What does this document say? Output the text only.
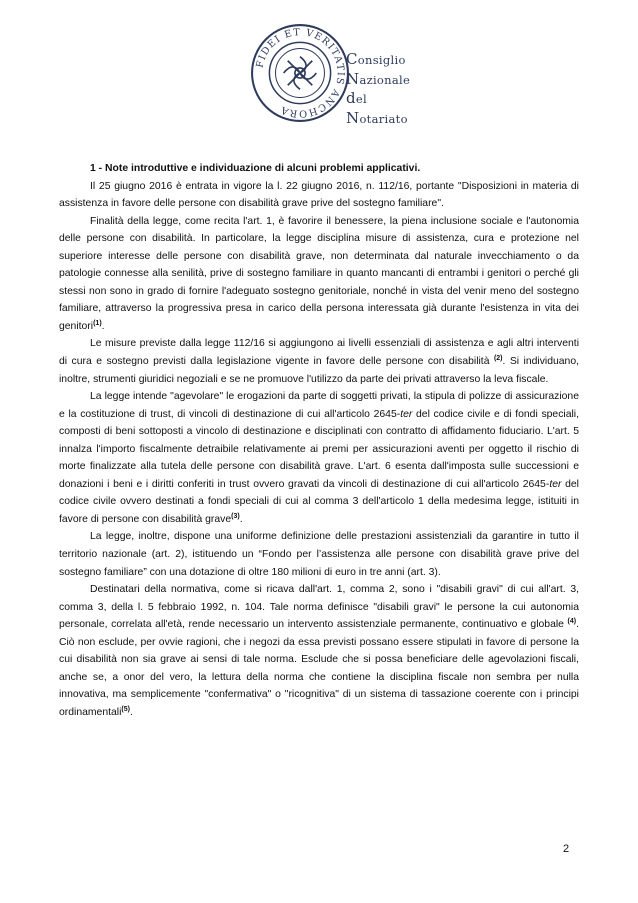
FIDEI ET VERITATIS ANCHORA
Consiglio
Nazionale
del
Notariato
1 - Note introduttive e individuazione di alcuni problemi applicativi.

Il 25 giugno 2016 è entrata in vigore la l. 22 giugno 2016, n. 112/16, portante "Disposizioni in materia di assistenza in favore delle persone con disabilità grave prive del sostegno familiare".

Finalità della legge, come recita l'art. 1, è favorire il benessere, la piena inclusione sociale e l'autonomia delle persone con disabilità. In particolare, la legge disciplina misure di assistenza, cura e protezione nel superiore interesse delle persone con disabilità grave, non determinata dal naturale invecchiamento o da patologie connesse alla senilità, prive di sostegno familiare in quanto mancanti di entrambi i genitori o perché gli stessi non sono in grado di fornire l'adeguato sostegno genitoriale, nonché in vista del venir meno del sostegno familiare, attraverso la progressiva presa in carico della persona interessata già durante l'esistenza in vita dei genitori$^{(1)}$.

Le misure previste dalla legge 112/16 si aggiungono ai livelli essenziali di assistenza e agli altri interventi di cura e sostegno previsti dalla legislazione vigente in favore delle persone con disabilità $^{(2)}$. Si individuano, inoltre, strumenti giuridici negoziali e se ne promuove l'utilizzo da parte dei privati attraverso la leva fiscale.

La legge intende "agevolare" le erogazioni da parte di soggetti privati, la stipula di polizze di assicurazione e la costituzione di trust, di vincoli di destinazione di cui all'articolo 2645-ter del codice civile e di fondi speciali, composti di beni sottoposti a vincolo di destinazione e disciplinati con contratto di affidamento fiduciario. L'art. 5 innalza l'importo fiscalmente detraibile relativamente ai premi per assicurazioni aventi per oggetto il rischio di morte finalizzate alla tutela delle persone con disabilità grave. L'art. 6 esenta dall'imposta sulle successioni e donazioni i beni e i diritti conferiti in trust ovvero gravati da vincoli di destinazione di cui all'articolo 2645-ter del codice civile ovvero destinati a fondi speciali di cui al comma 3 dell'articolo 1 della medesima legge, istituiti in favore di persone con disabilità grave$^{(3)}$.

La legge, inoltre, dispone una uniforme definizione delle prestazioni assistenziali da garantire in tutto il territorio nazionale (art. 2), istituendo un “Fondo per l’assistenza alle persone con disabilità grave prive del sostegno familiare” con una dotazione di oltre 180 milioni di euro in tre anni (art. 3).

Destinatari della normativa, come si ricava dall'art. 1, comma 2, sono i "disabili gravi" di cui all'art. 3, comma 3, della l. 5 febbraio 1992, n. 104. Tale norma definisce "disabili gravi" le persone la cui autonomia personale, correlata all'età, rende necessario un intervento assistenziale permanente, continuativo e globale $^{(4)}$. Ciò non esclude, per ovvie ragioni, che i negozi da essa previsti possano essere stipulati in favore di persone la cui disabilità non sia grave ai sensi di tale norma. Esclude che si possa beneficiare delle agevolazioni fiscali, anche se, a onor del vero, la lettura della norma che contiene la disciplina fiscale non sembra per nulla innovativa, ma semplicemente "confermativa" o "ricognitiva" di un sistema di tassazione coerente con i principi ordinamentali$^{(5)}$.

2
